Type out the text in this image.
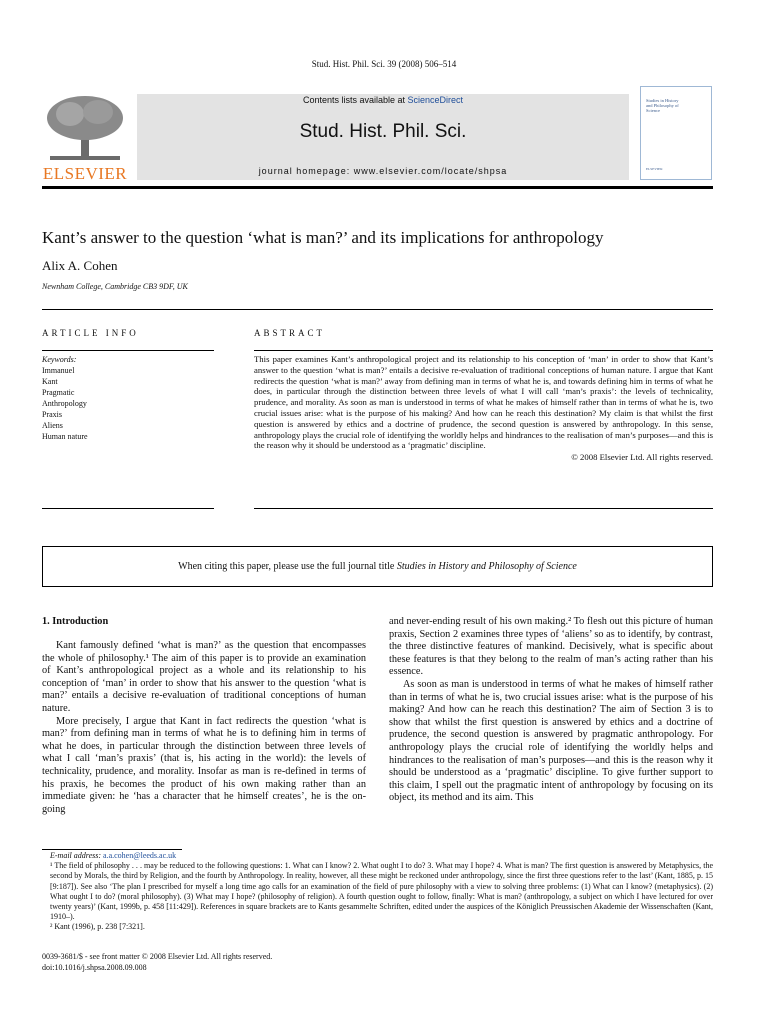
Stud. Hist. Phil. Sci. 39 (2008) 506–514
ELSEVIER
Contents lists available at ScienceDirect
Stud. Hist. Phil. Sci.
journal homepage: www.elsevier.com/locate/shpsa
Studies in History and Philosophy of Science
ELSEVIER
Kant’s answer to the question ‘what is man?’ and its implications for anthropology
Alix A. Cohen
Newnham College, Cambridge CB3 9DF, UK
ARTICLE INFO	ABSTRACT
Keywords:
Immanuel
Kant
Pragmatic
Anthropology
Praxis
Aliens
Human nature
This paper examines Kant’s anthropological project and its relationship to his conception of ‘man’ in order to show that Kant’s answer to the question ‘what is man?’ entails a decisive re-evaluation of traditional conceptions of human nature. I argue that Kant redirects the question ‘what is man?’ away from defining man in terms of what he is, and towards defining him in terms of what he does, in particular through the distinction between three levels of what I will call ‘man’s praxis’: the levels of technicality, prudence, and morality. As soon as man is understood in terms of what he makes of himself rather than in terms of what he is, two crucial issues arise: what is the purpose of his making? And how can he reach this destination? My claim is that whilst the first question is answered by ethics and a doctrine of prudence, the second question is answered by anthropology. In this sense, anthropology plays the crucial role of identifying the worldly helps and hindrances to the realisation of man’s purposes—and this is the reason why it should be understood as a ‘pragmatic’ discipline.
© 2008 Elsevier Ltd. All rights reserved.
When citing this paper, please use the full journal title Studies in History and Philosophy of Science
1. Introduction

Kant famously defined ‘what is man?’ as the question that encompasses the whole of philosophy.¹ The aim of this paper is to provide an examination of Kant’s anthropological project as a whole and its relationship to his conception of ‘man’ in order to show that his answer to the question ‘what is man?’ entails a decisive re-evaluation of traditional conceptions of human nature.

More precisely, I argue that Kant in fact redirects the question ‘what is man?’ from defining man in terms of what he is to defining him in terms of what he does, in particular through the distinction between three levels of what I call ‘man’s praxis’ (that is, his acting in the world): the levels of technicality, prudence, and morality. Insofar as man is re-defined in terms of his praxis, he becomes the product of his own making rather than an immediate given: he ‘has a character that he himself creates’, he is the on-going

and never-ending result of his own making.² To flesh out this picture of human praxis, Section 2 examines three types of ‘aliens’ so as to identify, by contrast, the three distinctive features of mankind. Decisively, what is specific about these features is that they belong to the realm of man’s acting rather than his essence.

As soon as man is understood in terms of what he makes of himself rather than in terms of what he is, two crucial issues arise: what is the purpose of his making? And how can he reach this destination? The aim of Section 3 is to show that whilst the first question is answered by ethics and a doctrine of prudence, the second question is answered by pragmatic anthropology. For anthropology plays the crucial role of identifying the worldly helps and hindrances to the realisation of man’s purposes—and this is the reason why it should be understood as a ‘pragmatic’ discipline. To give further support to this claim, I spell out the pragmatic intent of anthropology by focusing on its object, its method and its aim. This

E-mail address: a.a.cohen@leeds.ac.uk

¹ The field of philosophy . . . may be reduced to the following questions: 1. What can I know? 2. What ought I to do? 3. What may I hope? 4. What is man? The first question is answered by Metaphysics, the second by Morals, the third by Religion, and the fourth by Anthropology. In reality, however, all these might be reckoned under anthropology, since the first three questions refer to the last’ (Kant, 1885, p. 15 [9:187]). See also ‘The plan I prescribed for myself a long time ago calls for an examination of the field of pure philosophy with a view to solving three problems: (1) What can I know? (metaphysics). (2) What ought I to do? (moral philosophy). (3) What may I hope? (philosophy of religion). A fourth question ought to follow, finally: What is man? (anthropology, a subject on which I have lectured for over twenty years)’ (Kant, 1999b, p. 458 [11:429]). References in square brackets are to Kants gesammelte Schriften, edited under the auspices of the Königlich Preussischen Akademie der Wissenschaften (Kant, 1910–).

² Kant (1996), p. 238 [7:321].

0039-3681/$ - see front matter © 2008 Elsevier Ltd. All rights reserved.
doi:10.1016/j.shpsa.2008.09.008
